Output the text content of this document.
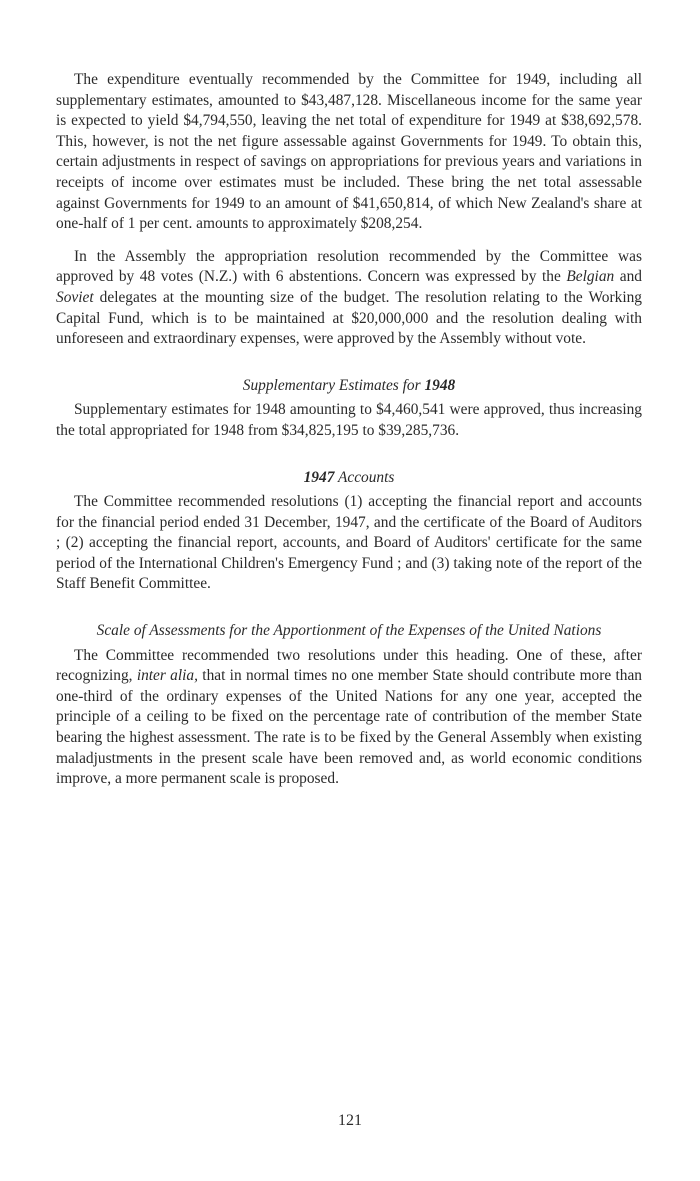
The expenditure eventually recommended by the Committee for 1949, including all supplementary estimates, amounted to $43,487,128. Miscellaneous income for the same year is expected to yield $4,794,550, leaving the net total of expenditure for 1949 at $38,692,578. This, however, is not the net figure assessable against Governments for 1949. To obtain this, certain adjustments in respect of savings on appropriations for previous years and variations in receipts of income over estimates must be included. These bring the net total assessable against Governments for 1949 to an amount of $41,650,814, of which New Zealand's share at one-half of 1 per cent. amounts to approximately $208,254.

In the Assembly the appropriation resolution recommended by the Committee was approved by 48 votes (N.Z.) with 6 abstentions. Concern was expressed by the Belgian and Soviet delegates at the mounting size of the budget. The resolution relating to the Working Capital Fund, which is to be maintained at $20,000,000 and the resolution dealing with unforeseen and extraordinary expenses, were approved by the Assembly without vote.

Supplementary Estimates for 1948

Supplementary estimates for 1948 amounting to $4,460,541 were approved, thus increasing the total appropriated for 1948 from $34,825,195 to $39,285,736.

1947 Accounts

The Committee recommended resolutions (1) accepting the financial report and accounts for the financial period ended 31 December, 1947, and the certificate of the Board of Auditors ; (2) accepting the financial report, accounts, and Board of Auditors' certificate for the same period of the International Children's Emergency Fund ; and (3) taking note of the report of the Staff Benefit Committee.

Scale of Assessments for the Apportionment of the Expenses of the United Nations

The Committee recommended two resolutions under this heading. One of these, after recognizing, inter alia, that in normal times no one member State should contribute more than one-third of the ordinary expenses of the United Nations for any one year, accepted the principle of a ceiling to be fixed on the percentage rate of contribution of the member State bearing the highest assessment. The rate is to be fixed by the General Assembly when existing maladjustments in the present scale have been removed and, as world economic conditions improve, a more permanent scale is proposed.

121
